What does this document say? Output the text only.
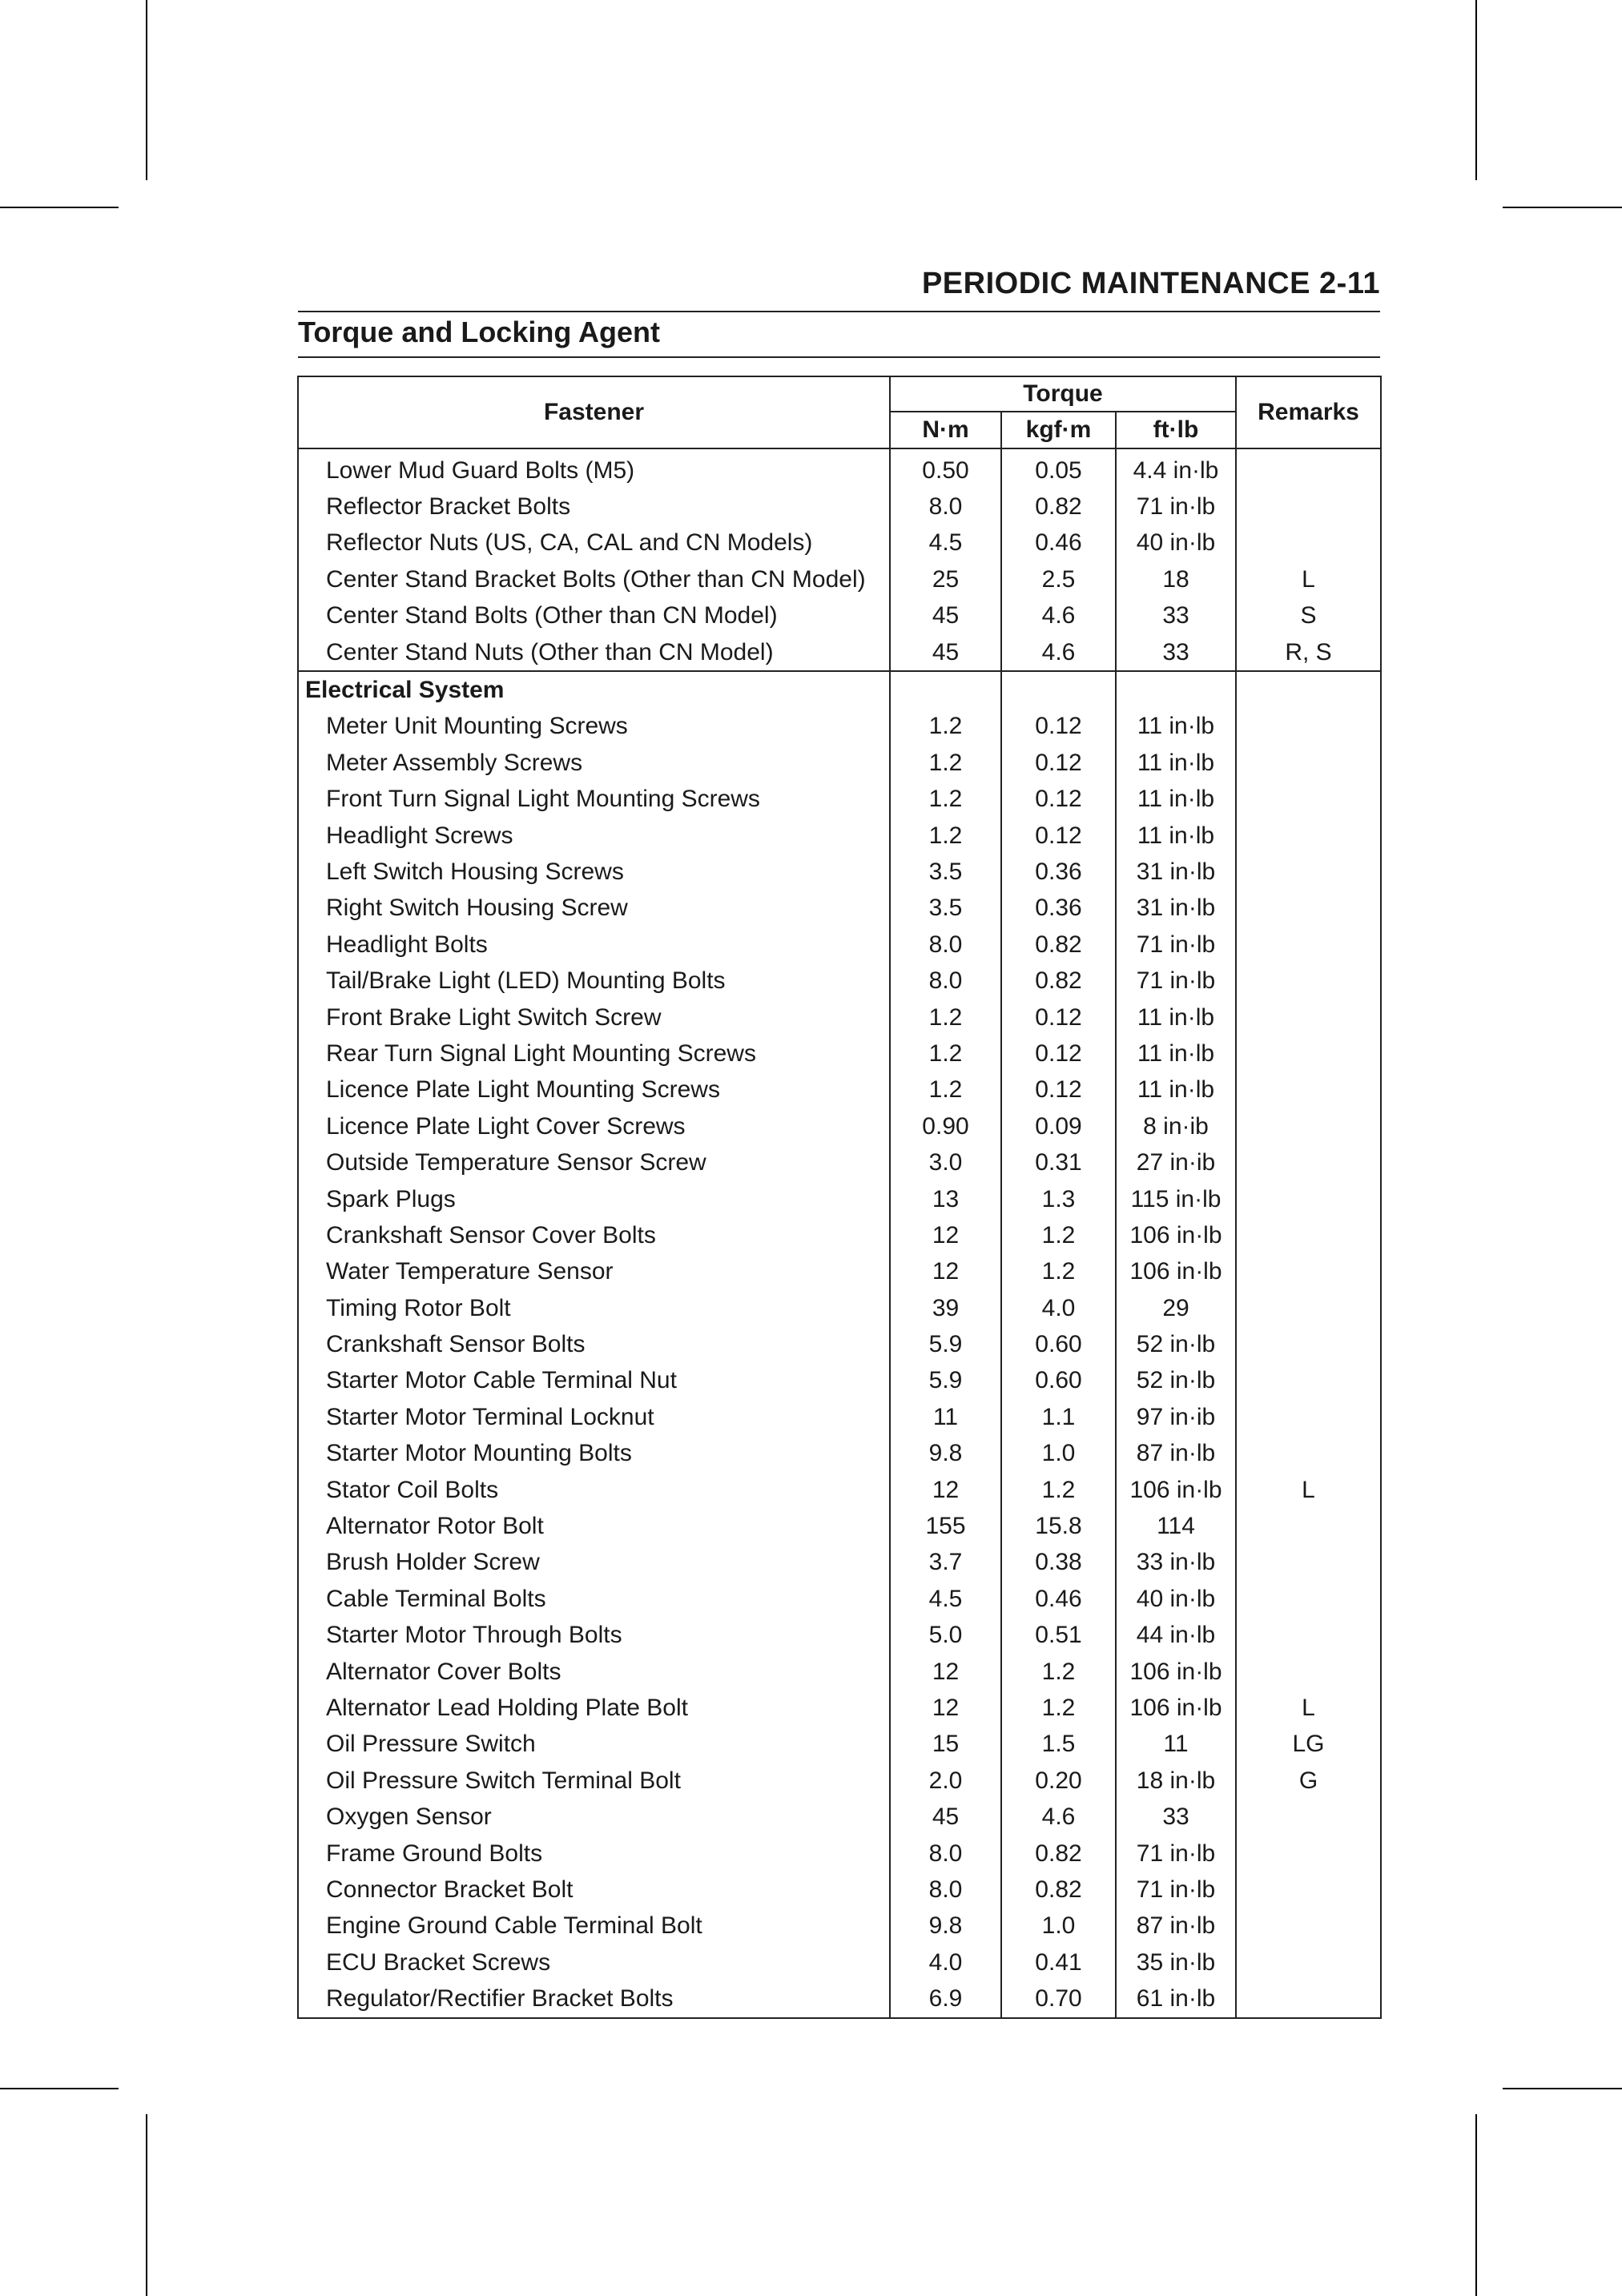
PERIODIC MAINTENANCE 2-11
Torque and Locking Agent
Fastener	Torque			Remarks
	N·m	kgf·m	ft·lb	
Lower Mud Guard Bolts (M5)	0.50	0.05	4.4 in·lb	
Reflector Bracket Bolts	8.0	0.82	71 in·lb	
Reflector Nuts (US, CA, CAL and CN Models)	4.5	0.46	40 in·lb	
Center Stand Bracket Bolts (Other than CN Model)	25	2.5	18	L
Center Stand Bolts (Other than CN Model)	45	4.6	33	S
Center Stand Nuts (Other than CN Model)	45	4.6	33	R, S
Electrical System				
Meter Unit Mounting Screws	1.2	0.12	11 in·lb	
Meter Assembly Screws	1.2	0.12	11 in·lb	
Front Turn Signal Light Mounting Screws	1.2	0.12	11 in·lb	
Headlight Screws	1.2	0.12	11 in·lb	
Left Switch Housing Screws	3.5	0.36	31 in·lb	
Right Switch Housing Screw	3.5	0.36	31 in·lb	
Headlight Bolts	8.0	0.82	71 in·lb	
Tail/Brake Light (LED) Mounting Bolts	8.0	0.82	71 in·lb	
Front Brake Light Switch Screw	1.2	0.12	11 in·lb	
Rear Turn Signal Light Mounting Screws	1.2	0.12	11 in·lb	
Licence Plate Light Mounting Screws	1.2	0.12	11 in·lb	
Licence Plate Light Cover Screws	0.90	0.09	8 in·ib	
Outside Temperature Sensor Screw	3.0	0.31	27 in·ib	
Spark Plugs	13	1.3	115 in·lb	
Crankshaft Sensor Cover Bolts	12	1.2	106 in·lb	
Water Temperature Sensor	12	1.2	106 in·lb	
Timing Rotor Bolt	39	4.0	29	
Crankshaft Sensor Bolts	5.9	0.60	52 in·lb	
Starter Motor Cable Terminal Nut	5.9	0.60	52 in·lb	
Starter Motor Terminal Locknut	11	1.1	97 in·ib	
Starter Motor Mounting Bolts	9.8	1.0	87 in·lb	
Stator Coil Bolts	12	1.2	106 in·lb	L
Alternator Rotor Bolt	155	15.8	114	
Brush Holder Screw	3.7	0.38	33 in·lb	
Cable Terminal Bolts	4.5	0.46	40 in·lb	
Starter Motor Through Bolts	5.0	0.51	44 in·lb	
Alternator Cover Bolts	12	1.2	106 in·lb	
Alternator Lead Holding Plate Bolt	12	1.2	106 in·lb	L
Oil Pressure Switch	15	1.5	11	LG
Oil Pressure Switch Terminal Bolt	2.0	0.20	18 in·lb	G
Oxygen Sensor	45	4.6	33	
Frame Ground Bolts	8.0	0.82	71 in·lb	
Connector Bracket Bolt	8.0	0.82	71 in·lb	
Engine Ground Cable Terminal Bolt	9.8	1.0	87 in·lb	
ECU Bracket Screws	4.0	0.41	35 in·lb	
Regulator/Rectifier Bracket Bolts	6.9	0.70	61 in·lb	
